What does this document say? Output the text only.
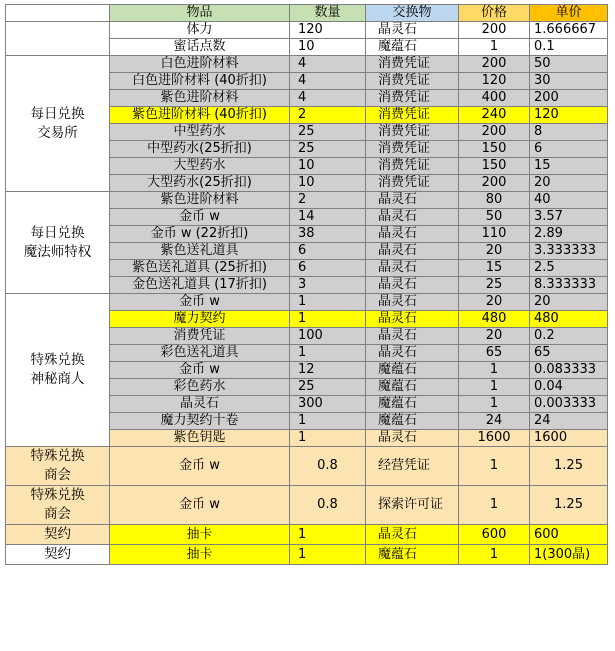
	物品	数量	交换物	价格	单价
	体力	120	晶灵石	200	1.666667
	蜜话点数	10	魔蕴石	1	0.1
每日兑换
交易所	白色进阶材料	4	消费凭证	200	50
	白色进阶材料 (40折扣)	4	消费凭证	120	30
	紫色进阶材料	4	消费凭证	400	200
	紫色进阶材料 (40折扣)	2	消费凭证	240	120
	中型药水	25	消费凭证	200	8
	中型药水(25折扣)	25	消费凭证	150	6
	大型药水	10	消费凭证	150	15
	大型药水(25折扣)	10	消费凭证	200	20
每日兑换
魔法师特权	紫色进阶材料	2	晶灵石	80	40
	金币 w	14	晶灵石	50	3.57
	金币 w (22折扣)	38	晶灵石	110	2.89
	紫色送礼道具	6	晶灵石	20	3.333333
	紫色送礼道具 (25折扣)	6	晶灵石	15	2.5
	金色送礼道具 (17折扣)	3	晶灵石	25	8.333333
特殊兑换
神秘商人	金币 w	1	晶灵石	20	20
	魔力契约	1	晶灵石	480	480
	消费凭证	100	晶灵石	20	0.2
	彩色送礼道具	1	晶灵石	65	65
	金币 w	12	魔蕴石	1	0.083333
	彩色药水	25	魔蕴石	1	0.04
	晶灵石	300	魔蕴石	1	0.003333
	魔力契约十卷	1	魔蕴石	24	24
	紫色钥匙	1	晶灵石	1600	1600
特殊兑换
商会	金币 w	0.8	经营凭证	1	1.25
特殊兑换
商会	金币 w	0.8	探索许可证	1	1.25
契约	抽卡	1	晶灵石	600	600
契约	抽卡	1	魔蕴石	1	1(300晶)
